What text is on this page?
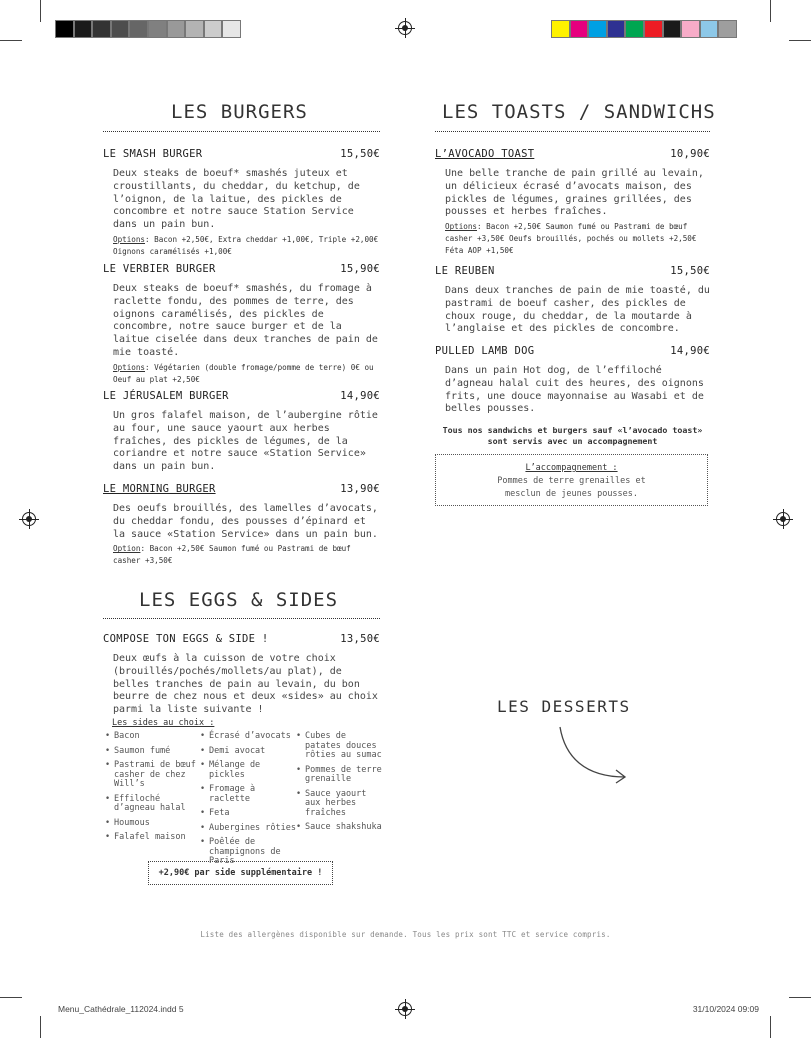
LES BURGERS
LE SMASH BURGER	15,50€
Deux steaks de boeuf* smashés juteux et croustillants, du cheddar, du ketchup, de l’oignon, de la laitue, des pickles de concombre et notre sauce Station Service dans un pain bun.
Options: Bacon +2,50€, Extra cheddar +1,00€, Triple +2,00€ Oignons caramélisés +1,00€
LE VERBIER BURGER	15,90€
Deux steaks de boeuf* smashés, du fromage à raclette fondu, des pommes de terre, des oignons caramélisés, des pickles de concombre, notre sauce burger et de la laitue ciselée dans deux tranches de pain de mie toasté.
Options: Végétarien (double fromage/pomme de terre) 0€ ou Oeuf au plat +2,50€
LE JÉRUSALEM BURGER	14,90€
Un gros falafel maison, de l’aubergine rôtie au four, une sauce yaourt aux herbes fraîches, des pickles de légumes, de la coriandre et notre sauce «Station Service» dans un pain bun.
LE MORNING BURGER	13,90€
Des oeufs brouillés, des lamelles d’avocats, du cheddar fondu, des pousses d’épinard et la sauce «Station Service» dans un pain bun.
Option: Bacon +2,50€ Saumon fumé ou Pastrami de bœuf casher +3,50€
LES TOASTS / SANDWICHS
L’AVOCADO TOAST	10,90€
Une belle tranche de pain grillé au levain, un délicieux écrasé d’avocats maison, des pickles de légumes, graines grillées, des pousses et herbes fraîches.
Options: Bacon +2,50€ Saumon fumé ou Pastrami de bœuf casher +3,50€ Oeufs brouillés, pochés ou mollets +2,50€ Féta AOP +1,50€
LE REUBEN	15,50€
Dans deux tranches de pain de mie toasté, du pastrami de boeuf casher, des pickles de choux rouge, du cheddar, de la moutarde à l’anglaise et des pickles de concombre.
PULLED LAMB DOG	14,90€
Dans un pain Hot dog, de l’effiloché d’agneau halal cuit des heures, des oignons frits, une douce mayonnaise au Wasabi et de belles pousses.
Tous nos sandwichs et burgers sauf «l’avocado toast» sont servis avec un accompagnement
L’accompagnement :
Pommes de terre grenailles et mesclun de jeunes pousses.
LES EGGS & SIDES
COMPOSE TON EGGS & SIDE !	13,50€
Deux œufs à la cuisson de votre choix (brouillés/pochés/mollets/au plat), de belles tranches de pain au levain, du bon beurre de chez nous et deux «sides» au choix parmi la liste suivante !
Les sides au choix :
• Bacon
• Saumon fumé
• Pastrami de bœuf casher de chez Will’s
• Effiloché d’agneau halal
• Houmous
• Falafel maison
• Écrasé d’avocats
• Demi avocat
• Mélange de pickles
• Fromage à raclette
• Feta
• Aubergines rôties
• Poêlée de champignons de Paris
• Cubes de patates douces rôties au sumac
• Pommes de terre grenaille
• Sauce yaourt aux herbes fraîches
• Sauce shakshuka
+2,90€ par side supplémentaire !
LES DESSERTS
Liste des allergènes disponible sur demande. Tous les prix sont TTC et service compris.
Menu_Cathédrale_112024.indd 5	31/10/2024 09:09
